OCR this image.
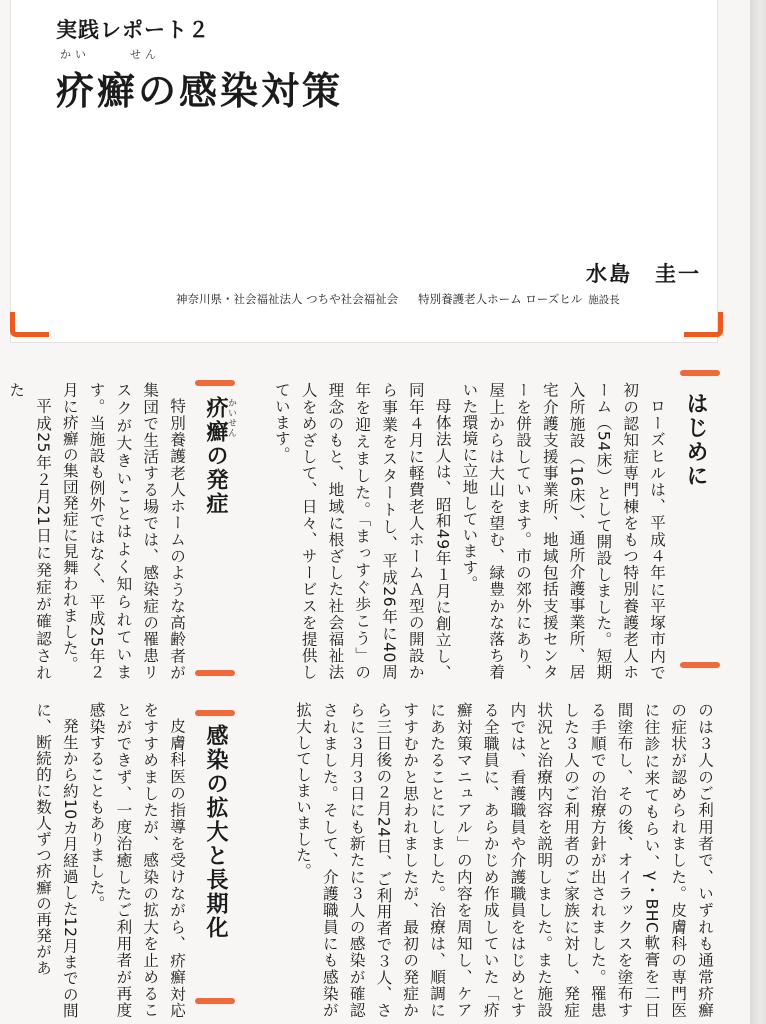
実践レポート２
かい	せん
疥癬の感染対策
水島　圭一
神奈川県・社会福祉法人 つちや社会福祉会 特別養護老人ホーム ローズヒル 施設長
はじめに

ローズヒルは、平成４年に平塚市内で初の認知症専門棟をもつ特別養護老人ホーム（54床）として開設しました。短期入所施設（16床）、通所介護事業所、居宅介護支援事業所、地域包括支援センターを併設しています。市の郊外にあり、屋上からは大山を望む、緑豊かな落ち着いた環境に立地しています。

母体法人は、昭和49年１月に創立し、同年４月に軽費老人ホームＡ型の開設から事業をスタートし、平成26年に40周年を迎えました。「まっすぐ歩こう」の理念のもと、地域に根ざした社会福祉法人をめざして、日々、サービスを提供しています。

かいせん
疥癬の発症

特別養護老人ホームのような高齢者が集団で生活する場では、感染症の罹患リスクが大きいことはよく知られています。当施設も例外ではなく、平成25年２月に疥癬の集団発症に見舞われました。

平成25年２月21日に発症が確認された

のは３人のご利用者で、いずれも通常疥癬の症状が認められました。皮膚科の専門医に往診に来てもらい、γ・BHC軟膏を二日間塗布し、その後、オイラックスを塗布する手順での治療方針が出されました。罹患した３人のご利用者のご家族に対し、発症状況と治療内容を説明しました。また施設内では、看護職員や介護職員をはじめとする全職員に、あらかじめ作成していた「疥癬対策マニュアル」の内容を周知し、ケアにあたることにしました。治療は、順調にすすむかと思われましたが、最初の発症から三日後の２月24日、ご利用者で３人、さらに３月３日にも新たに３人の感染が確認されました。そして、介護職員にも感染が拡大してしまいました。

感染の拡大と長期化

皮膚科医の指導を受けながら、疥癬対応をすすめましたが、感染の拡大を止めることができず、一度治癒したご利用者が再度感染することもありました。

発生から約10カ月経過した12月までの間に、断続的に数人ずつ疥癬の再発があ
